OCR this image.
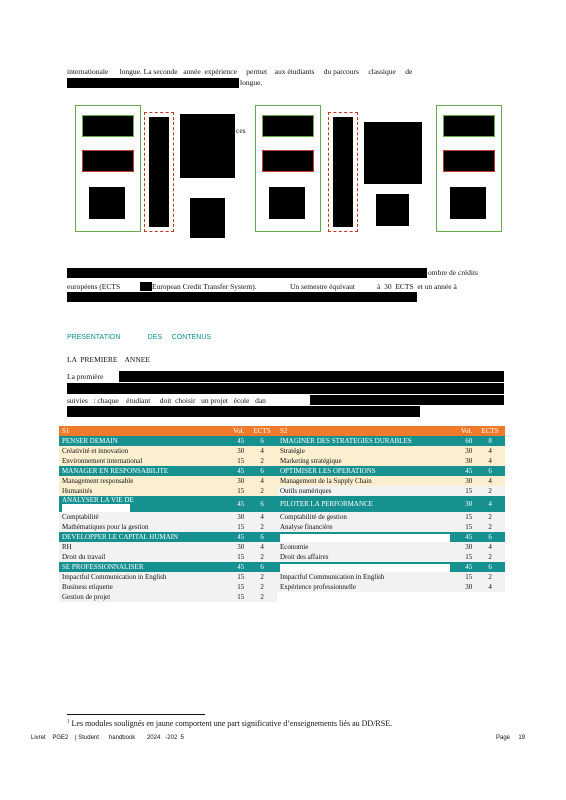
internationale      longue. La seconde   année  expérience     permet    aux étudiants     du parcours     classique     de
longue.
ces
ombre de crédits
européens (ECTS	European Credit Transfer System).	Un semestre équivaut	à  30  ECTS  et un année à
PRESENTATION              DES     CONTENUS
LA  PREMIERE    ANNEE
La première
suivies   : chaque    étudiant     doit  choisir   un projet   école   dan
S1	Vol.	ECTS	S2	Vol.	ECTS
PENSER DEMAIN	45	6	IMAGINER DES STRATEGIES DURABLES	60	8
Créativité et innovation	30	4	Stratégie	30	4
Environnement international	15	2	Marketing stratégique	30	4
MANAGER EN RESPONSABILITE	45	6	OPTIMISER LES OPERATIONS	45	6
Management responsable	30	4	Management de la Supply Chain	30	4
Humanités	15	2	Outils numériques	15	2
ANALYSER LA VIE DE	45	6	PILOTER LA PERFORMANCE	30	4
Comptabilité	30	4	Comptabilité de gestion	15	2
Mathématiques pour la gestion	15	2	Analyse financière	15	2
DEVELOPPER LE CAPITAL HUMAIN	45	6		45	6
RH	30	4	Economie	30	4
Droit du travail	15	2	Droit des affaires	15	2
SE PROFESSIONNALISER	45	6		45	6
Impactful Communication in English	15	2	Impactful Communication in English	15	2
Business etiquette	15	2	Expérience professionnelle	30	4
Gestion de projet	15	2			
$^1$ Les modules soulignés en jaune comportent une part significative d’enseignements liés au DD/RSE.
Livret    PGE2    | Student      handbook       2024   -202  5	Page     19
